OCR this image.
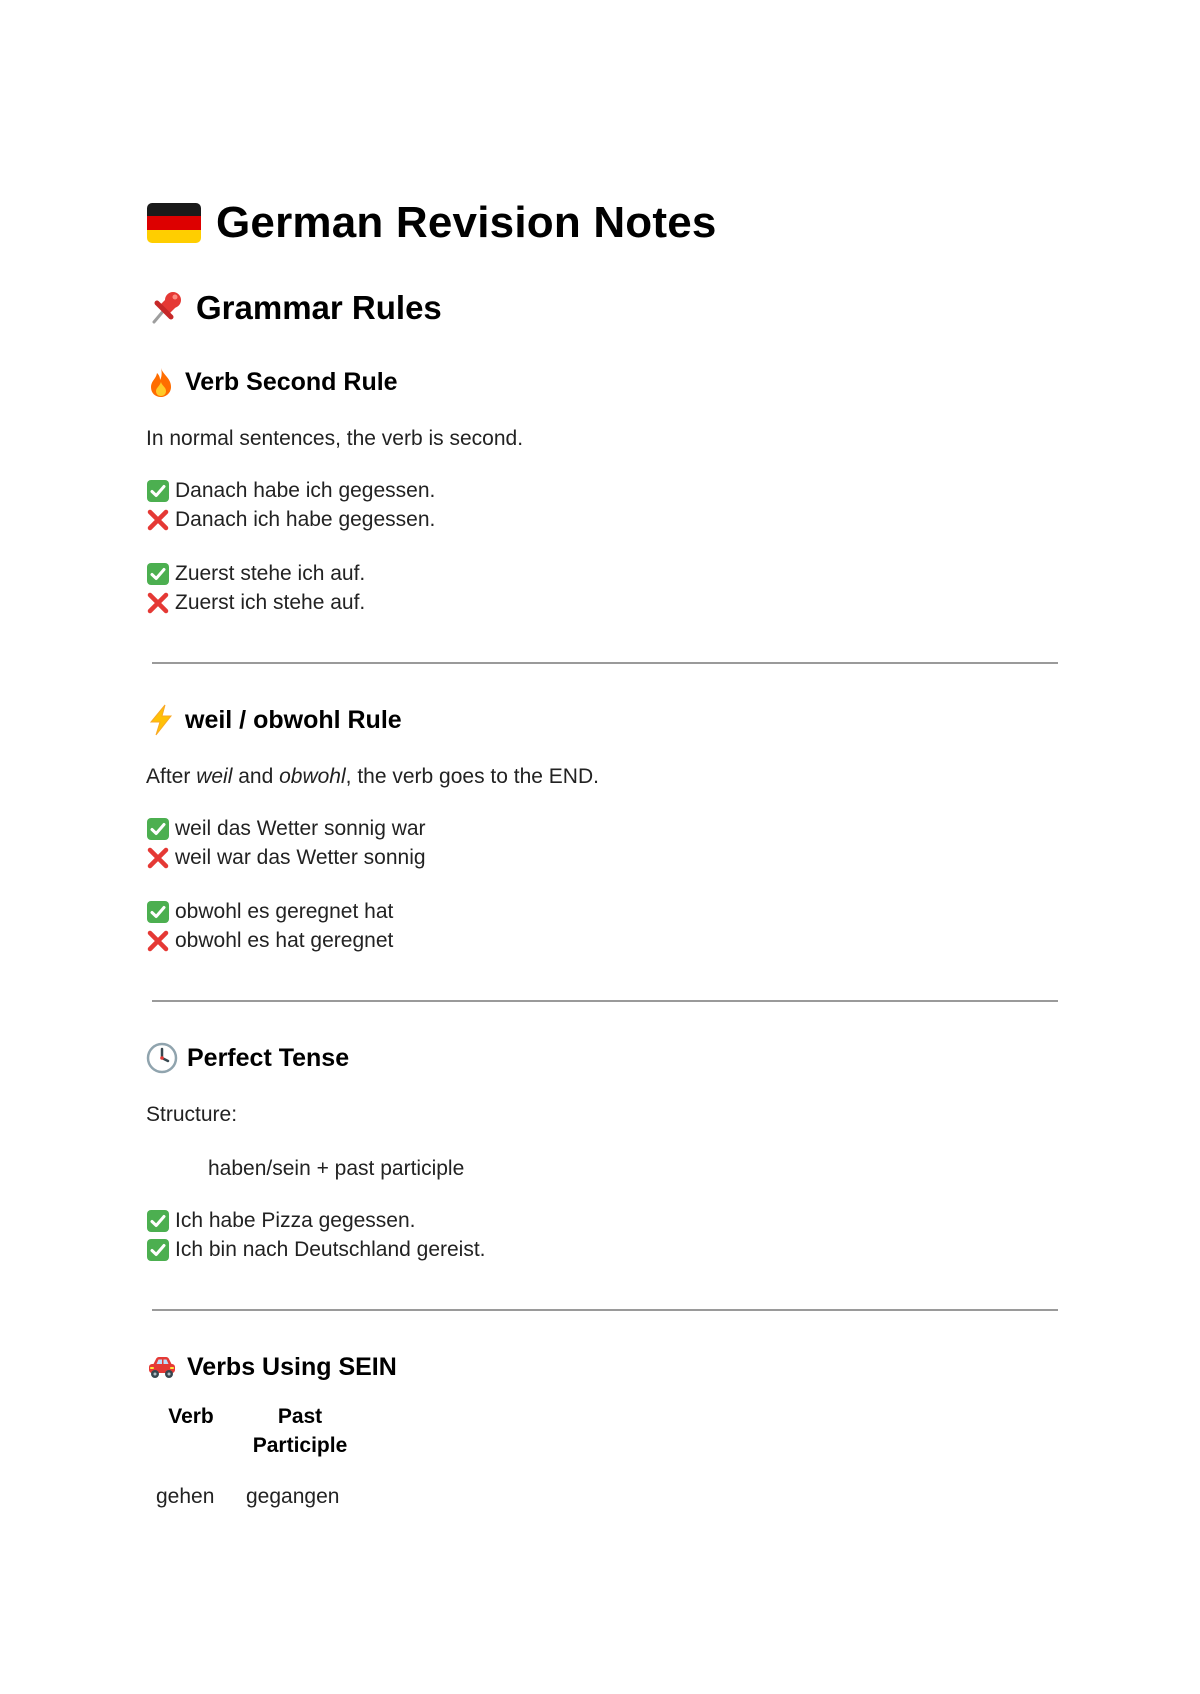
German Revision Notes
Grammar Rules
Verb Second Rule
In normal sentences, the verb is second.
Danach habe ich gegessen.
Danach ich habe gegessen.
Zuerst stehe ich auf.
Zuerst ich stehe auf.
weil / obwohl Rule
After weil and obwohl, the verb goes to the END.
weil das Wetter sonnig war
weil war das Wetter sonnig
obwohl es geregnet hat
obwohl es hat geregnet
Perfect Tense
Structure:
haben/sein + past participle
Ich habe Pizza gegessen.
Ich bin nach Deutschland gereist.
Verbs Using SEIN
Verb	Past Participle
gehen	gegangen
